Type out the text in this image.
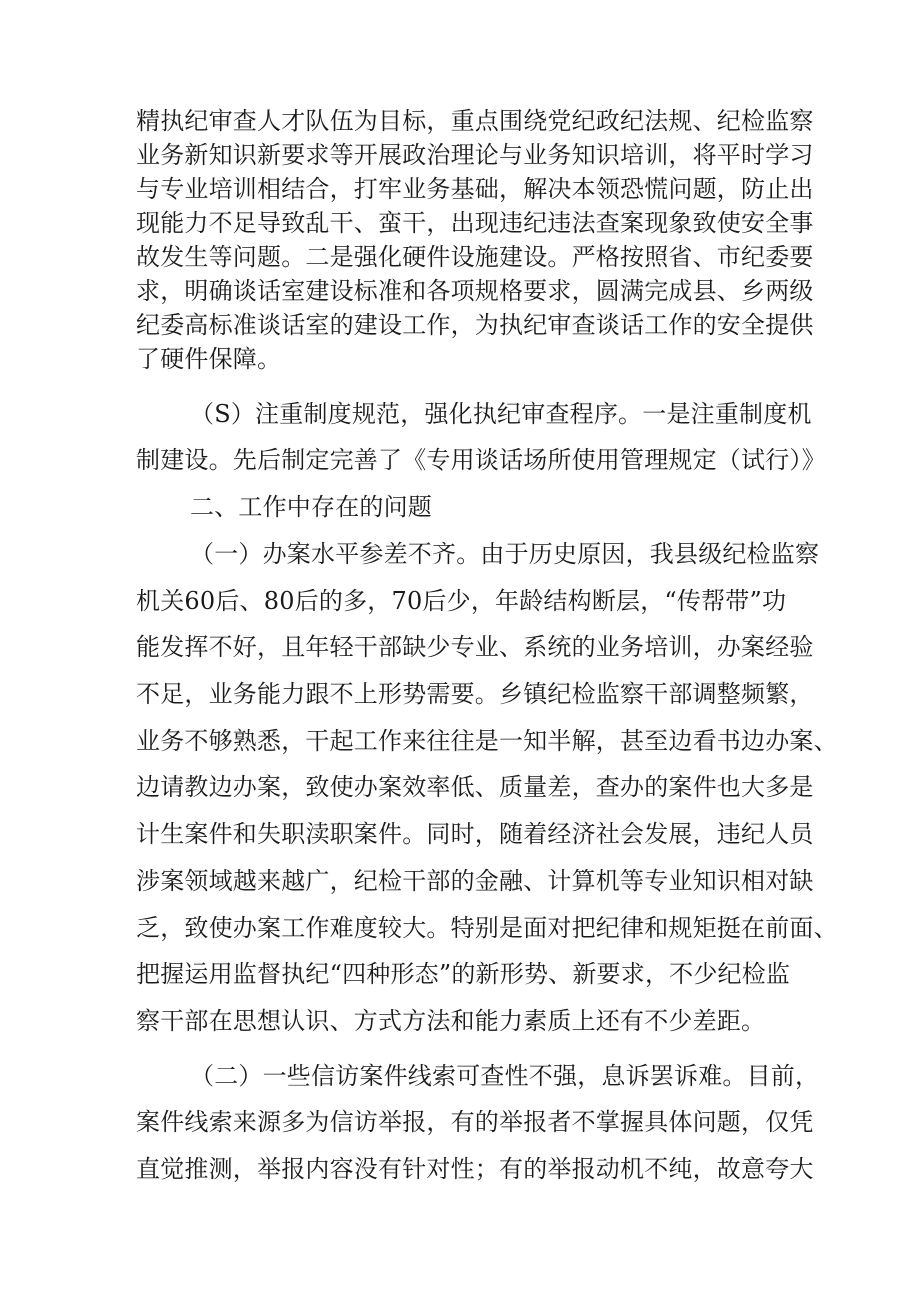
精执纪审查人才队伍为目标，重点围绕党纪政纪法规、纪检监察
业务新知识新要求等开展政治理论与业务知识培训，将平时学习
与专业培训相结合，打牢业务基础，解决本领恐慌问题，防止出
现能力不足导致乱干、蛮干，出现违纪违法查案现象致使安全事
故发生等问题。二是强化硬件设施建设。严格按照省、市纪委要
求，明确谈话室建设标准和各项规格要求，圆满完成县、乡两级
纪委高标准谈话室的建设工作，为执纪审查谈话工作的安全提供
了硬件保障。
（S）注重制度规范，强化执纪审查程序。一是注重制度机
制建设。先后制定完善了《专用谈话场所使用管理规定（试行）》
二、工作中存在的问题
（一）办案水平参差不齐。由于历史原因，我县级纪检监察
机关60后、80后的多，70后少，年龄结构断层，“传帮带”功
能发挥不好，且年轻干部缺少专业、系统的业务培训，办案经验
不足，业务能力跟不上形势需要。乡镇纪检监察干部调整频繁，
业务不够熟悉，干起工作来往往是一知半解，甚至边看书边办案、
边请教边办案，致使办案效率低、质量差，查办的案件也大多是
计生案件和失职渎职案件。同时，随着经济社会发展，违纪人员
涉案领域越来越广，纪检干部的金融、计算机等专业知识相对缺
乏，致使办案工作难度较大。特别是面对把纪律和规矩挺在前面、
把握运用监督执纪“四种形态”的新形势、新要求，不少纪检监
察干部在思想认识、方式方法和能力素质上还有不少差距。
（二）一些信访案件线索可查性不强，息诉罢诉难。目前，
案件线索来源多为信访举报，有的举报者不掌握具体问题，仅凭
直觉推测，举报内容没有针对性；有的举报动机不纯，故意夸大
